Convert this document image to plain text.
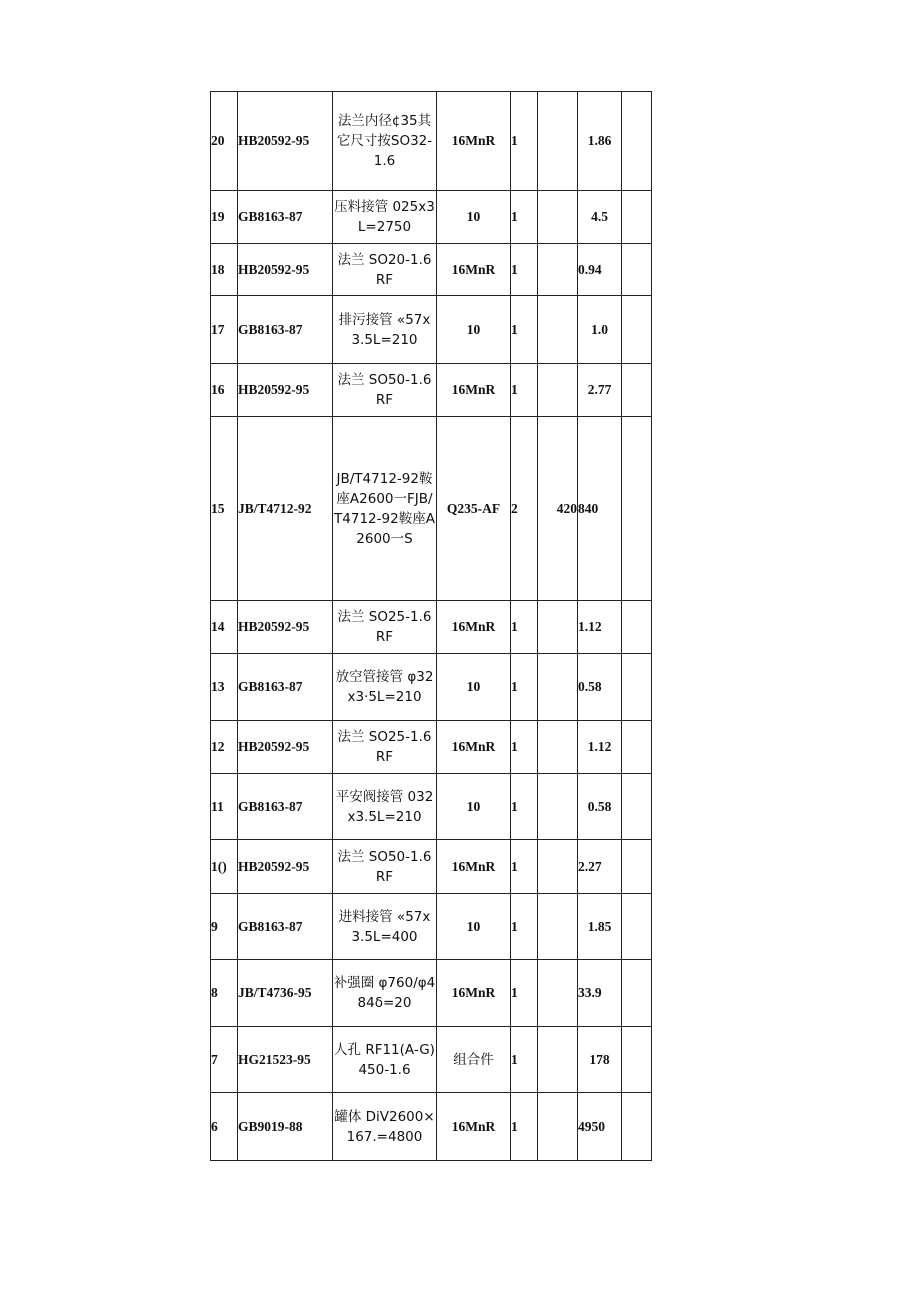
20	HB20592-95	法兰内径¢35其它尺寸按SO32-1.6	16MnR	1		1.86	
19	GB8163-87	压料接管 025x3L=2750	10	1		4.5	
18	HB20592-95	法兰 SO20-1.6RF	16MnR	1		0.94	
17	GB8163-87	排污接管 «57x3.5L=210	10	1		1.0	
16	HB20592-95	法兰 SO50-1.6RF	16MnR	1		2.77	
15	JB/T4712-92	JB/T4712-92鞍座A2600一FJB/T4712-92鞍座A2600一S	Q235-AF	2	420	840	
14	HB20592-95	法兰 SO25-1.6RF	16MnR	1		1.12	
13	GB8163-87	放空管接管 φ32x3·5L=210	10	1		0.58	
12	HB20592-95	法兰 SO25-1.6RF	16MnR	1		1.12	
11	GB8163-87	平安阀接管 032x3.5L=210	10	1		0.58	
1()	HB20592-95	法兰 SO50-1.6RF	16MnR	1		2.27	
9	GB8163-87	进料接管 «57x3.5L=400	10	1		1.85	
8	JB/T4736-95	补强圈 φ760/φ484δ=20	16MnR	1		33.9	
7	HG21523-95	人孔 RF11(A-G)450-1.6	组合件	1		178	
6	GB9019-88	罐体 DiV2600×167.=4800	16MnR	1		4950	
